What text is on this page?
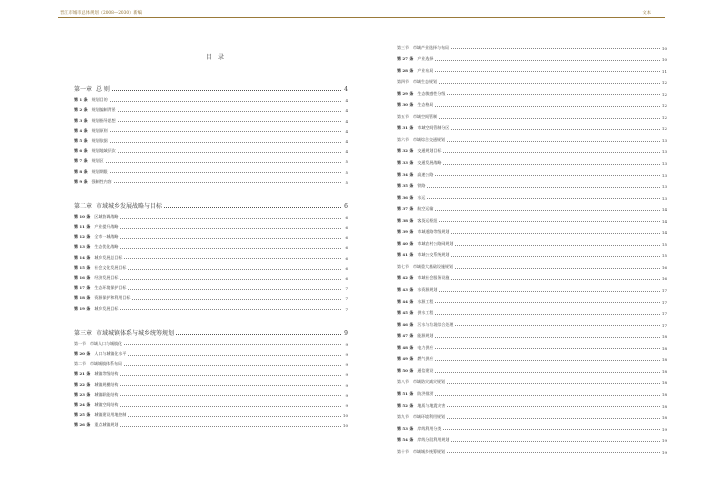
晋江市城市总体规划（2008—2030）新编	文本
目 录
第一章 总 则	4
第 1 条 规划目的	4
第 2 条 规划编制背景	4
第 3 条 规划指导思想	4
第 4 条 规划原则	4
第 5 条 规划依据	4
第 6 条 规划地域层次	4
第 7 条 规划区	5
第 8 条 规划期限	5
第 9 条 强制性内容	5
第二章 市域城乡发展战略与目标	6
第 10 条 区域协调战略	6
第 11 条 产业提升战略	6
第 12 条 全市一城战略	6
第 13 条 生态优化战略	6
第 14 条 城乡发展总目标	6
第 15 条 社会文化发展目标	6
第 16 条 经济发展目标	6
第 17 条 生态环境保护目标	7
第 18 条 资源保护和利用目标	7
第 19 条 城乡发展目标	7
第三章 市域城镇体系与城乡统筹规划	9
第一节 市域人口与城镇化	9
第 20 条 人口与城镇化水平	9
第二节 市域城镇体系布局	9
第 21 条 城镇等级结构	9
第 22 条 城镇规模结构	9
第 23 条 城镇职能结构	9
第 24 条 城镇空间结构	9
第 25 条 城镇建设用地控制	10
第 26 条 重点城镇规划	10
第三节 市域产业选择与布局	10
第 27 条 产业选择	10
第 28 条 产业布局	11
第四节 市域生态规划	12
第 29 条 生态敏感性分级	12
第 30 条 生态格局	12
第五节 市域空间管制	12
第 31 条 市域空间管制分区	12
第六节 市域综合交通规划	13
第 32 条 交通规划目标	13
第 33 条 交通发展战略	13
第 34 条 高速公路	13
第 35 条 铁路	13
第 36 条 水运	13
第 37 条 航空运输	14
第 38 条 客货运枢纽	14
第 39 条 市域道路等级规划	14
第 40 条 市域农村公路网规划	15
第 41 条 市域公交系统规划	15
第七节 市域重大基础设施规划	16
第 42 条 市域社会服务设施	16
第 43 条 水资源规划	17
第 44 条 水源工程	17
第 45 条 供水工程	17
第 46 条 污水与垃圾综合处理	17
第 47 条 能源规划	18
第 48 条 电力供应	18
第 49 条 燃气供应	18
第 50 条 通信建设	18
第八节 市域防灾减灾规划	18
第 51 条 防洪排涝	18
第 52 条 地质与地震灾害	18
第九节 市域环境利用规划	18
第 53 条 岸线利用分类	19
第 54 条 岸线分段利用规划	19
第十节 市域城乡统筹规划	19
